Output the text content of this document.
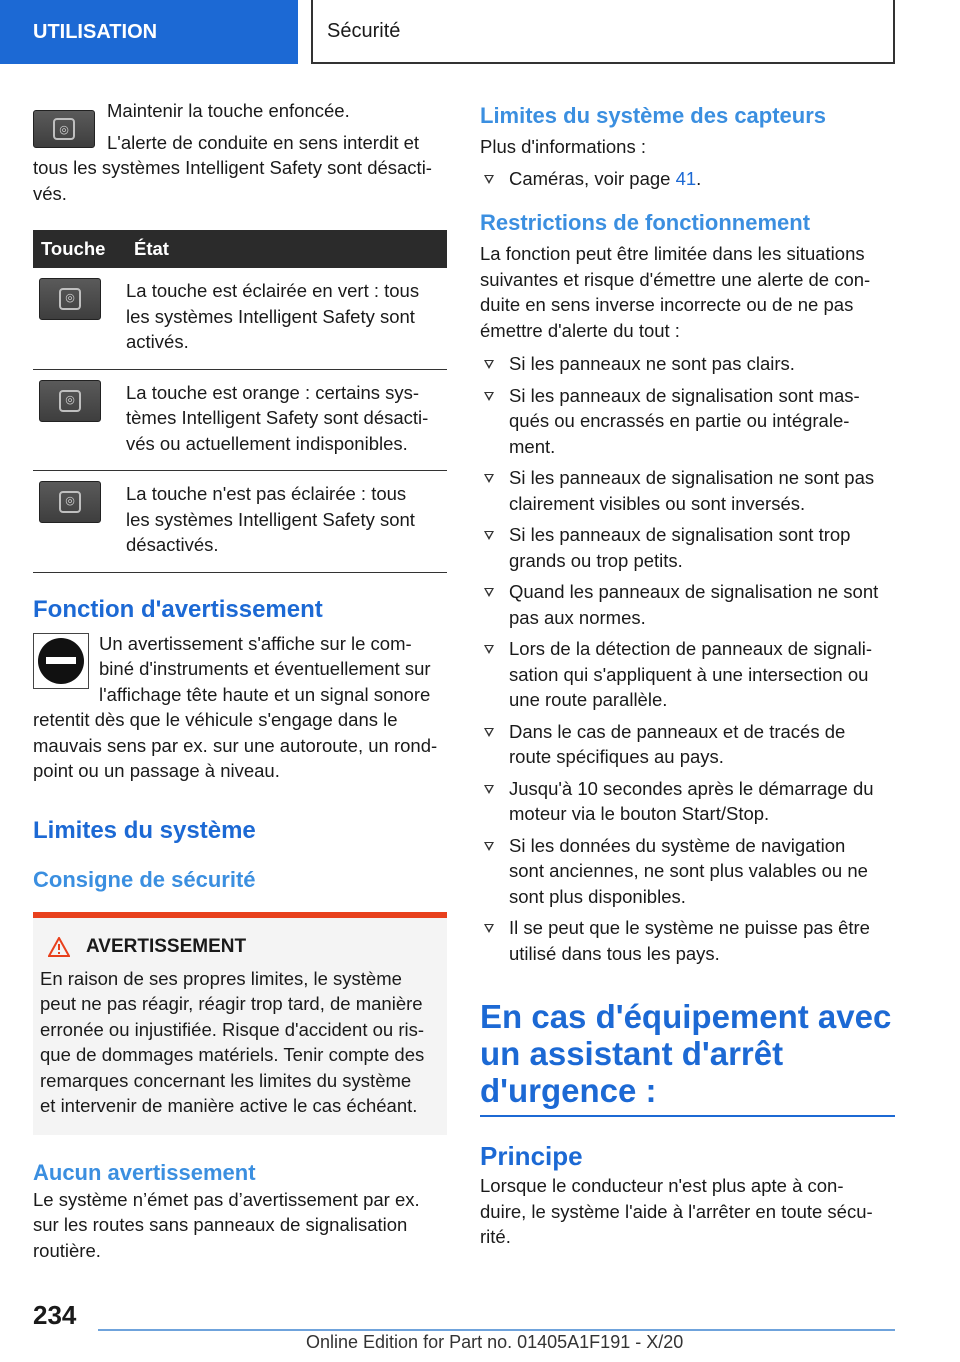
UTILISATION	Sécurité
◎

Maintenir la touche enfoncée.

L'alerte de conduite en sens interdit et

tous les systèmes Intelligent Safety sont désacti-

vés.

Touche	État

◎	La touche est éclairée en vert : tous
les systèmes Intelligent Safety sont
activés.

◎	La touche est orange : certains sys-
tèmes Intelligent Safety sont désacti-
vés ou actuellement indisponibles.

◎	La touche n'est pas éclairée : tous
les systèmes Intelligent Safety sont
désactivés.
Fonction d'avertissement

Un avertissement s'affiche sur le com-

biné d'instruments et éventuellement sur

l'affichage tête haute et un signal sonore

retentit dès que le véhicule s'engage dans le

mauvais sens par ex. sur une autoroute, un rond-

point ou un passage à niveau.

Limites du système
Consigne de sécurité
AVERTISSEMENT

En raison de ses propres limites, le système

peut ne pas réagir, réagir trop tard, de manière

erronée ou injustifiée. Risque d'accident ou ris-

que de dommages matériels. Tenir compte des

remarques concernant les limites du système

et intervenir de manière active le cas échéant.

Aucun avertissement

Le système n’émet pas d’avertissement par ex.

sur les routes sans panneaux de signalisation

routière.

Limites du système des capteurs

Plus d'informations :

Caméras, voir page 41.
Restrictions de fonctionnement

La fonction peut être limitée dans les situations

suivantes et risque d'émettre une alerte de con-

duite en sens inverse incorrecte ou de ne pas

émettre d'alerte du tout :

Si les panneaux ne sont pas clairs.
Si les panneaux de signalisation sont mas-
qués ou encrassés en partie ou intégrale-
ment.
Si les panneaux de signalisation ne sont pas
clairement visibles ou sont inversés.
Si les panneaux de signalisation sont trop
grands ou trop petits.
Quand les panneaux de signalisation ne sont
pas aux normes.
Lors de la détection de panneaux de signali-
sation qui s'appliquent à une intersection ou
une route parallèle.
Dans le cas de panneaux et de tracés de
route spécifiques au pays.
Jusqu'à 10 secondes après le démarrage du
moteur via le bouton Start/Stop.
Si les données du système de navigation
sont anciennes, ne sont plus valables ou ne
sont plus disponibles.
Il se peut que le système ne puisse pas être
utilisé dans tous les pays.
En cas d'équipement avec
un assistant d'arrêt
d'urgence :
Principe

Lorsque le conducteur n'est plus apte à con-

duire, le système l'aide à l'arrêter en toute sécu-

rité.

234
Online Edition for Part no. 01405A1F191 - X/20
